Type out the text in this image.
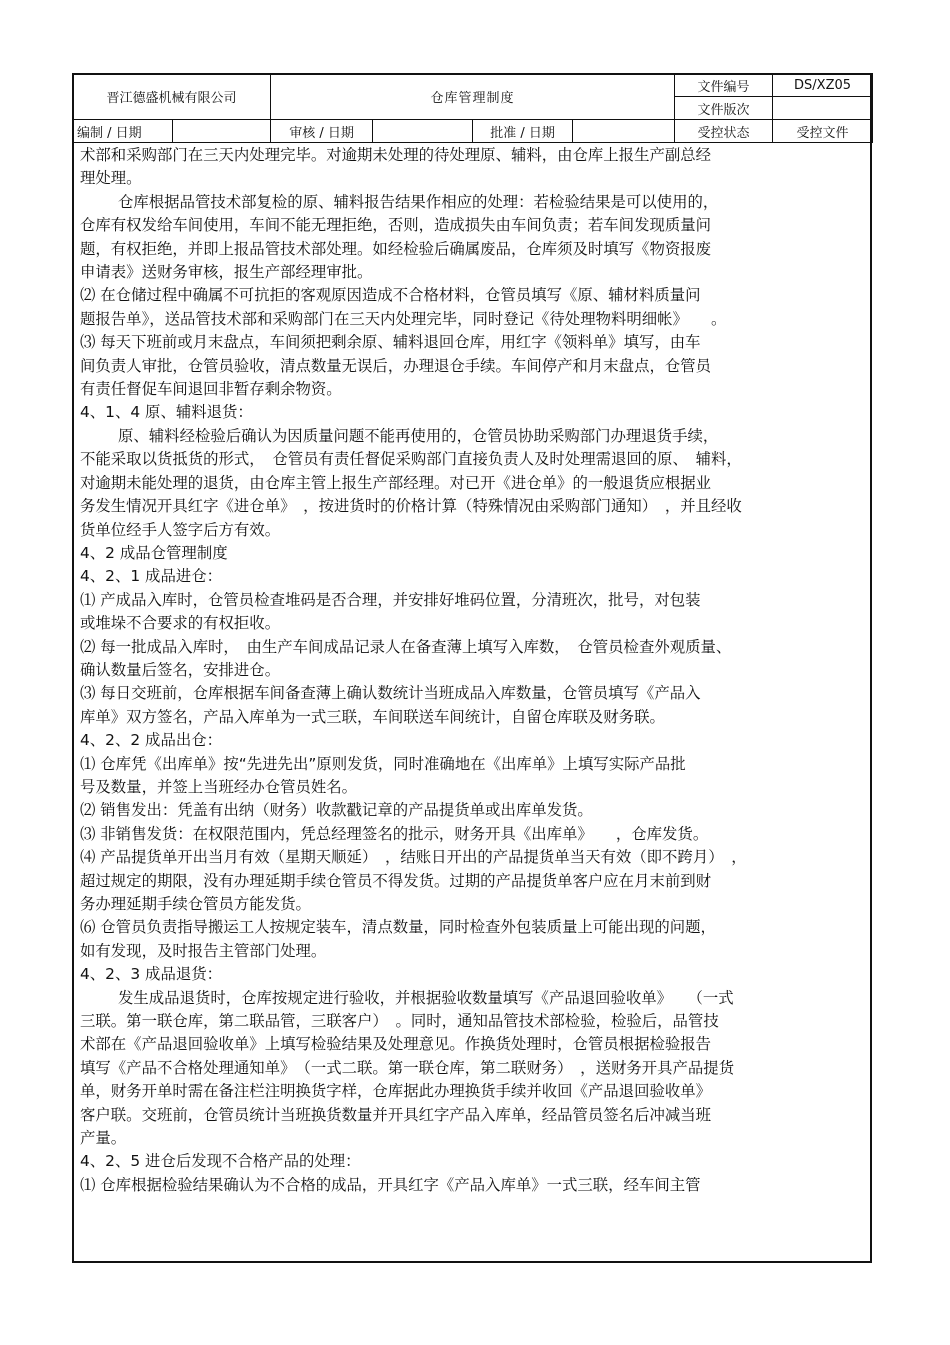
晋江德盛机械有限公司		仓库管理制度				文件编号	DS/XZ05
						文件版次	
编制 / 日期		审核 / 日期		批准 / 日期		受控状态	受控文件

术部和采购部门在三天内处理完毕。对逾期未处理的待处理原、辅料，由仓库上报生产副总经

理处理。

仓库根据品管技术部复检的原、辅料报告结果作相应的处理：若检验结果是可以使用的，

仓库有权发给车间使用，车间不能无理拒绝，否则，造成损失由车间负责；若车间发现质量问

题，有权拒绝，并即上报品管技术部处理。如经检验后确属废品，仓库须及时填写《物资报废

申请表》送财务审核，报生产部经理审批。

⑵ 在仓储过程中确属不可抗拒的客观原因造成不合格材料，仓管员填写《原、辅材料质量问

题报告单》，送品管技术部和采购部门在三天内处理完毕，同时登记《待处理物料明细帐》　　。

⑶ 每天下班前或月末盘点，车间须把剩余原、辅料退回仓库，用红字《领料单》填写，由车

间负责人审批，仓管员验收，清点数量无误后，办理退仓手续。车间停产和月末盘点，仓管员

有责任督促车间退回非暂存剩余物资。

4、1、4 原、辅料退货：

原、辅料经检验后确认为因质量问题不能再使用的，仓管员协助采购部门办理退货手续，

不能采取以货抵货的形式，　仓管员有责任督促采购部门直接负责人及时处理需退回的原、　辅料，

对逾期未能处理的退货，由仓库主管上报生产部经理。对已开《进仓单》的一般退货应根据业

务发生情况开具红字《进仓单》　，按进货时的价格计算（特殊情况由采购部门通知）　，并且经收

货单位经手人签字后方有效。

4、2 成品仓管理制度

4、2、1 成品进仓：

⑴ 产成品入库时，仓管员检查堆码是否合理，并安排好堆码位置，分清班次，批号，对包装

或堆垛不合要求的有权拒收。

⑵ 每一批成品入库时，　由生产车间成品记录人在备查薄上填写入库数，　仓管员检查外观质量、

确认数量后签名，安排进仓。

⑶ 每日交班前，仓库根据车间备查薄上确认数统计当班成品入库数量，仓管员填写《产品入

库单》双方签名，产品入库单为一式三联，车间联送车间统计，自留仓库联及财务联。

4、2、2 成品出仓：

⑴ 仓库凭《出库单》按“先进先出”原则发货，同时准确地在《出库单》上填写实际产品批

号及数量，并签上当班经办仓管员姓名。

⑵ 销售发出：凭盖有出纳（财务）收款戳记章的产品提货单或出库单发货。

⑶ 非销售发货：在权限范围内，凭总经理签名的批示，财务开具《出库单》　　，仓库发货。

⑷ 产品提货单开出当月有效（星期天顺延）　，结账日开出的产品提货单当天有效（即不跨月）　，

超过规定的期限，没有办理延期手续仓管员不得发货。过期的产品提货单客户应在月末前到财

务办理延期手续仓管员方能发货。

⑹ 仓管员负责指导搬运工人按规定装车，清点数量，同时检查外包装质量上可能出现的问题，

如有发现，及时报告主管部门处理。

4、2、3 成品退货：

发生成品退货时，仓库按规定进行验收，并根据验收数量填写《产品退回验收单》　　（一式

三联。第一联仓库，第二联品管，三联客户）　。同时，通知品管技术部检验，检验后，品管技

术部在《产品退回验收单》上填写检验结果及处理意见。作换货处理时，仓管员根据检验报告

填写《产品不合格处理通知单》　（一式二联。第一联仓库，第二联财务）　，送财务开具产品提货

单，财务开单时需在备注栏注明换货字样，仓库据此办理换货手续并收回《产品退回验收单》

客户联。交班前，仓管员统计当班换货数量并开具红字产品入库单，经品管员签名后冲减当班

产量。

4、2、5 进仓后发现不合格产品的处理：

⑴ 仓库根据检验结果确认为不合格的成品，开具红字《产品入库单》一式三联，经车间主管
